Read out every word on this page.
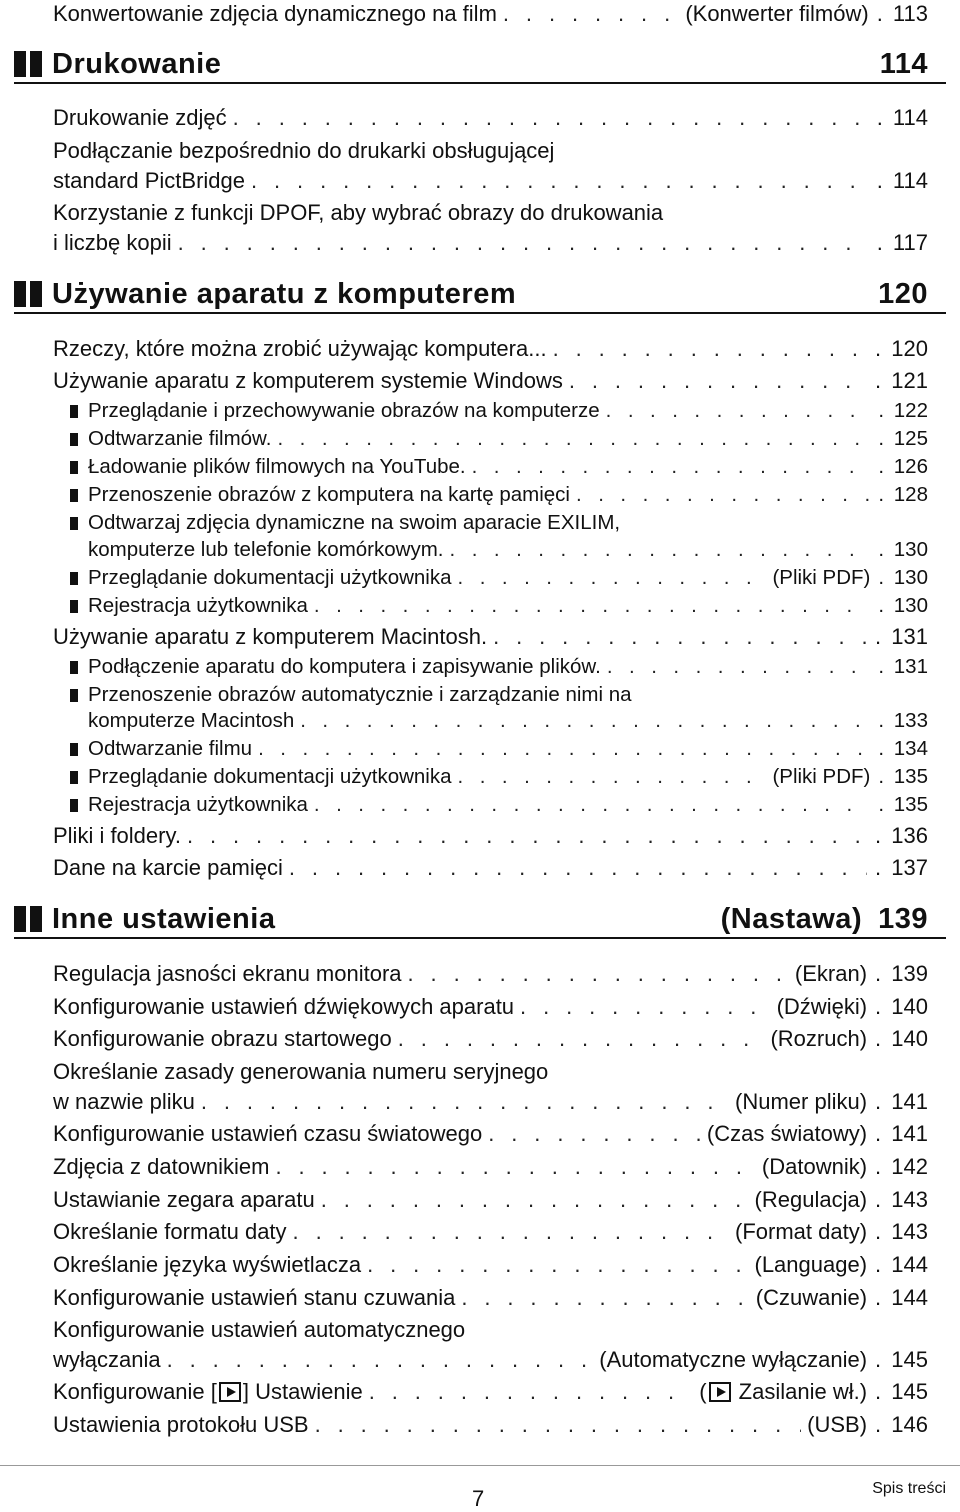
Konwertowanie zdjęcia dynamicznego na film . . .	(Konwerter filmów)	. 113
Drukowanie	114
Drukowanie zdjęć . . .	. 114
Podłączanie bezpośrednio do drukarki obsługującej
standard PictBridge . . .	. 114
Korzystanie z funkcji DPOF, aby wybrać obrazy do drukowania
i liczbę kopii . . .	. 117
Używanie aparatu z komputerem	120
Rzeczy, które można zrobić używając komputera... . . .	. 120
Używanie aparatu z komputerem systemie Windows . . .	. 121
Przeglądanie i przechowywanie obrazów na komputerze . . .	. 122
Odtwarzanie filmów. . . .	. 125
Ładowanie plików filmowych na YouTube. . . .	. 126
Przenoszenie obrazów z komputera na kartę pamięci . . .	. 128
Odtwarzaj zdjęcia dynamiczne na swoim aparacie EXILIM,
komputerze lub telefonie komórkowym. . . .	. 130
Przeglądanie dokumentacji użytkownika . . .	(Pliki PDF)	. 130
Rejestracja użytkownika . . .	. 130
Używanie aparatu z komputerem Macintosh. . . .	. 131
Podłączenie aparatu do komputera i zapisywanie plików. . . .	. 131
Przenoszenie obrazów automatycznie i zarządzanie nimi na
komputerze Macintosh . . .	. 133
Odtwarzanie filmu . . .	. 134
Przeglądanie dokumentacji użytkownika . . .	(Pliki PDF)	. 135
Rejestracja użytkownika . . .	. 135
Pliki i foldery. . . .	. 136
Dane na karcie pamięci . . .	. 137
Inne ustawienia	(Nastawa) 139
Regulacja jasności ekranu monitora . . .	(Ekran)	. 139
Konfigurowanie ustawień dźwiękowych aparatu . . .	(Dźwięki)	. 140
Konfigurowanie obrazu startowego . . .	(Rozruch)	. 140
Określanie zasady generowania numeru seryjnego
w nazwie pliku . . .	(Numer pliku)	. 141
Konfigurowanie ustawień czasu światowego . . .	(Czas światowy)	. 141
Zdjęcia z datownikiem . . .	(Datownik)	. 142
Ustawianie zegara aparatu . . .	(Regulacja)	. 143
Określanie formatu daty . . .	(Format daty)	. 143
Określanie języka wyświetlacza . . .	(Language)	. 144
Konfigurowanie ustawień stanu czuwania . . .	(Czuwanie)	. 144
Konfigurowanie ustawień automatycznego
wyłączania . . .	(Automatyczne wyłączanie)	. 145
Konfigurowanie [ ] Ustawienie . . .	( Zasilanie wł.)	. 145
Ustawienia protokołu USB . . .	(USB)	. 146
7	Spis treści
